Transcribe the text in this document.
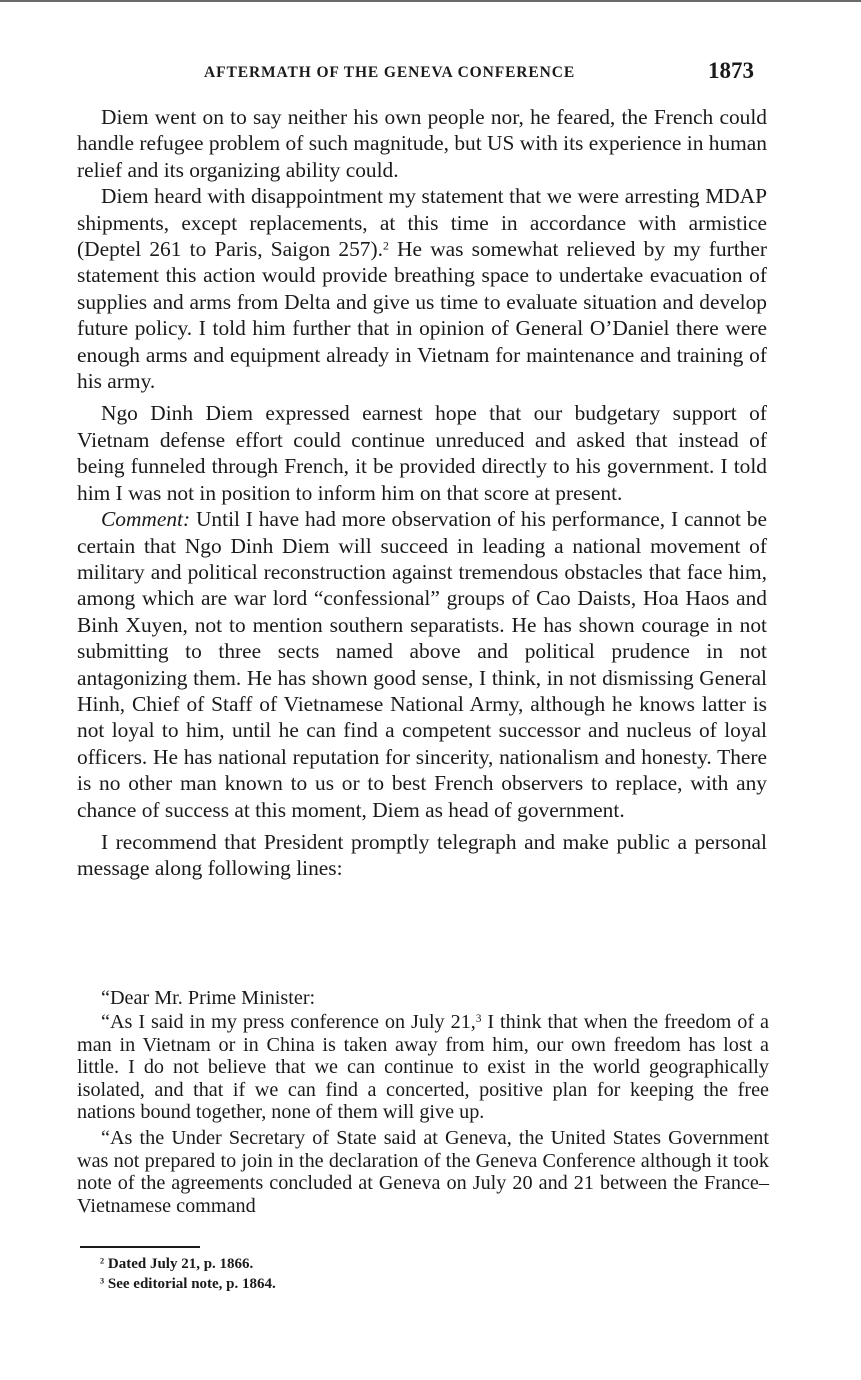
AFTERMATH OF THE GENEVA CONFERENCE	1873

Diem went on to say neither his own people nor, he feared, the French could handle refugee problem of such magnitude, but US with its experience in human relief and its organizing ability could.

Diem heard with disappointment my statement that we were arresting MDAP shipments, except replacements, at this time in accordance with armistice (Deptel 261 to Paris, Saigon 257).$^2$ He was somewhat relieved by my further statement this action would provide breathing space to undertake evacuation of supplies and arms from Delta and give us time to evaluate situation and develop future policy. I told him further that in opinion of General O’Daniel there were enough arms and equipment already in Vietnam for maintenance and training of his army.

Ngo Dinh Diem expressed earnest hope that our budgetary support of Vietnam defense effort could continue unreduced and asked that instead of being funneled through French, it be provided directly to his government. I told him I was not in position to inform him on that score at present.

Comment: Until I have had more observation of his performance, I cannot be certain that Ngo Dinh Diem will succeed in leading a national movement of military and political reconstruction against tremendous obstacles that face him, among which are war lord “confessional” groups of Cao Daists, Hoa Haos and Binh Xuyen, not to mention southern separatists. He has shown courage in not submitting to three sects named above and political prudence in not antagonizing them. He has shown good sense, I think, in not dismissing General Hinh, Chief of Staff of Vietnamese National Army, although he knows latter is not loyal to him, until he can find a competent successor and nucleus of loyal officers. He has national reputation for sincerity, nationalism and honesty. There is no other man known to us or to best French observers to replace, with any chance of success at this moment, Diem as head of government.

I recommend that President promptly telegraph and make public a personal message along following lines:

“Dear Mr. Prime Minister:

“As I said in my press conference on July 21,$^3$ I think that when the freedom of a man in Vietnam or in China is taken away from him, our own freedom has lost a little. I do not believe that we can continue to exist in the world geographically isolated, and that if we can find a concerted, positive plan for keeping the free nations bound together, none of them will give up.

“As the Under Secretary of State said at Geneva, the United States Government was not prepared to join in the declaration of the Geneva Conference although it took note of the agreements concluded at Geneva on July 20 and 21 between the France–Vietnamese command

$^2$ Dated July 21, p. 1866.
$^3$ See editorial note, p. 1864.
